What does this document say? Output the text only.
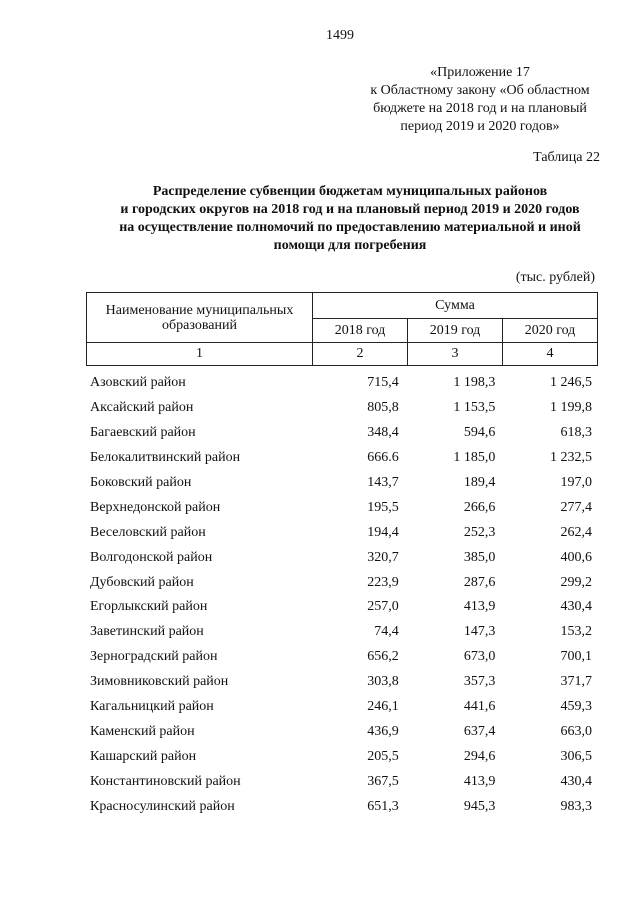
1499
«Приложение 17
к Областному закону «Об областном
бюджете на 2018 год и на плановый
период 2019 и 2020 годов»
Таблица 22
Распределение субвенции бюджетам муниципальных районов
и городских округов на 2018 год и на плановый период 2019 и 2020 годов
на осуществление полномочий по предоставлению материальной и иной
помощи для погребения
(тыс. рублей)
Наименование муниципальных образований	Сумма		
	2018 год	2019 год	2020 год
1	2	3	4
Азовский район	715,4	1 198,3	1 246,5
Аксайский район	805,8	1 153,5	1 199,8
Багаевский район	348,4	594,6	618,3
Белокалитвинский район	666.6	1 185,0	1 232,5
Боковский район	143,7	189,4	197,0
Верхнедонской район	195,5	266,6	277,4
Веселовский район	194,4	252,3	262,4
Волгодонской район	320,7	385,0	400,6
Дубовский район	223,9	287,6	299,2
Егорлыкский район	257,0	413,9	430,4
Заветинский район	74,4	147,3	153,2
Зерноградский район	656,2	673,0	700,1
Зимовниковский район	303,8	357,3	371,7
Кагальницкий район	246,1	441,6	459,3
Каменский район	436,9	637,4	663,0
Кашарский район	205,5	294,6	306,5
Константиновский район	367,5	413,9	430,4
Красносулинский район	651,3	945,3	983,3
